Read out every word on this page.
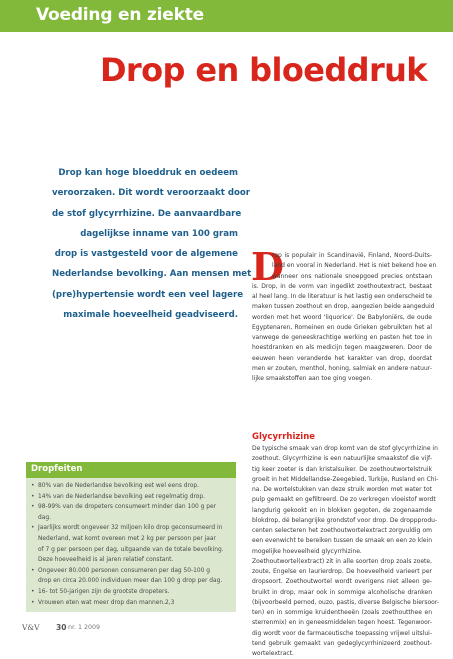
Voeding en ziekte
Drop en bloeddruk
Drop kan hoge bloeddruk en oedeem
veroorzaken. Dit wordt veroorzaakt door
de stof glycyrrhizine. De aanvaardbare
dagelijkse inname van 100 gram
drop is vastgesteld voor de algemene
Nederlandse bevolking. Aan mensen met
(pre)hypertensie wordt een veel lagere
maximale hoeveelheid geadviseerd.
D
rop is populair in Scandinavië, Finland, Noord-Duits-
land en vooral in Nederland. Het is niet bekend hoe en
wanneer ons nationale snoepgoed precies ontstaan
is. Drop, in de vorm van ingedikt zoethoutextract, bestaat
al heel lang. In de literatuur is het lastig een onderscheid te
maken tussen zoethout en drop, aangezien beide aangeduid
worden met het woord 'liquorice'. De Babyloniërs, de oude
Egyptenaren, Romeinen en oude Grieken gebruikten het al
vanwege de geneeskrachtige werking en pasten het toe in
hoestdranken en als medicijn tegen maagzweren. Door de
eeuwen heen veranderde het karakter van drop, doordat
men er zouten, menthol, honing, salmiak en andere natuur-
lijke smaakstoffen aan toe ging voegen.
Glycyrrhizine
De typische smaak van drop komt van de stof glycyrrhizine in
zoethout. Glycyrrhizine is een natuurlijke smaakstof die vijf-
tig keer zoeter is dan kristalsuiker. De zoethoutwortelstruik
groeit in het Middellandse-Zeegebied, Turkije, Rusland en Chi-
na. De wortelstukken van deze struik worden met water tot
pulp gemaakt en gefiltreerd. De zo verkregen vloeistof wordt
langdurig gekookt en in blokken gegoten, de zogenaamde
blokdrop, dé belangrijke grondstof voor drop. De droppprodu-
centen selecteren het zoethoutwortelextract zorgvuldig om
een evenwicht te bereiken tussen de smaak en een zo klein
mogelijke hoeveelheid glycyrrhizine.
Zoethoutwortel(extract) zit in alle soorten drop zoals zoete,
zoute, Engelse en laurierdrop. De hoeveelheid varieert per
dropsoort. Zoethoutwortel wordt overigens niet alleen ge-
bruikt in drop, maar ook in sommige alcoholische dranken
(bijvoorbeeld pernod, ouzo, pastis, diverse Belgische biersoor-
ten) en in sommige kruidentheeën (zoals zoethoutthee en
sterrenmix) en in geneesmiddelen tegen hoest. Tegenwoor-
dig wordt voor de farmaceutische toepassing vrijwel uitslui-
tend gebruik gemaakt van gedeglycyrrhinizeerd zoethout-
wortelextract.
Dropfeiten
• 80% van de Nederlandse bevolking eet wel eens drop.
• 14% van de Nederlandse bevolking eet regelmatig drop.
• 98-99% van de dropeters consumeert minder dan 100 g per
dag.
• Jaarlijks wordt ongeveer 32 miljoen kilo drop geconsumeerd in
Nederland, wat komt overeen met 2 kg per persoon per jaar
of 7 g per persoon per dag, uitgaande van de totale bevolking.
Deze hoeveelheid is al jaren relatief constant.
• Ongeveer 80.000 personen consumeren per dag 50-100 g
drop en circa 20.000 individuen meer dan 100 g drop per dag.
• 16- tot 50-jarigen zijn de grootste dropeters.
• Vrouwen eten wat meer drop dan mannen.2,3
V&V 30 nr. 1 2009
